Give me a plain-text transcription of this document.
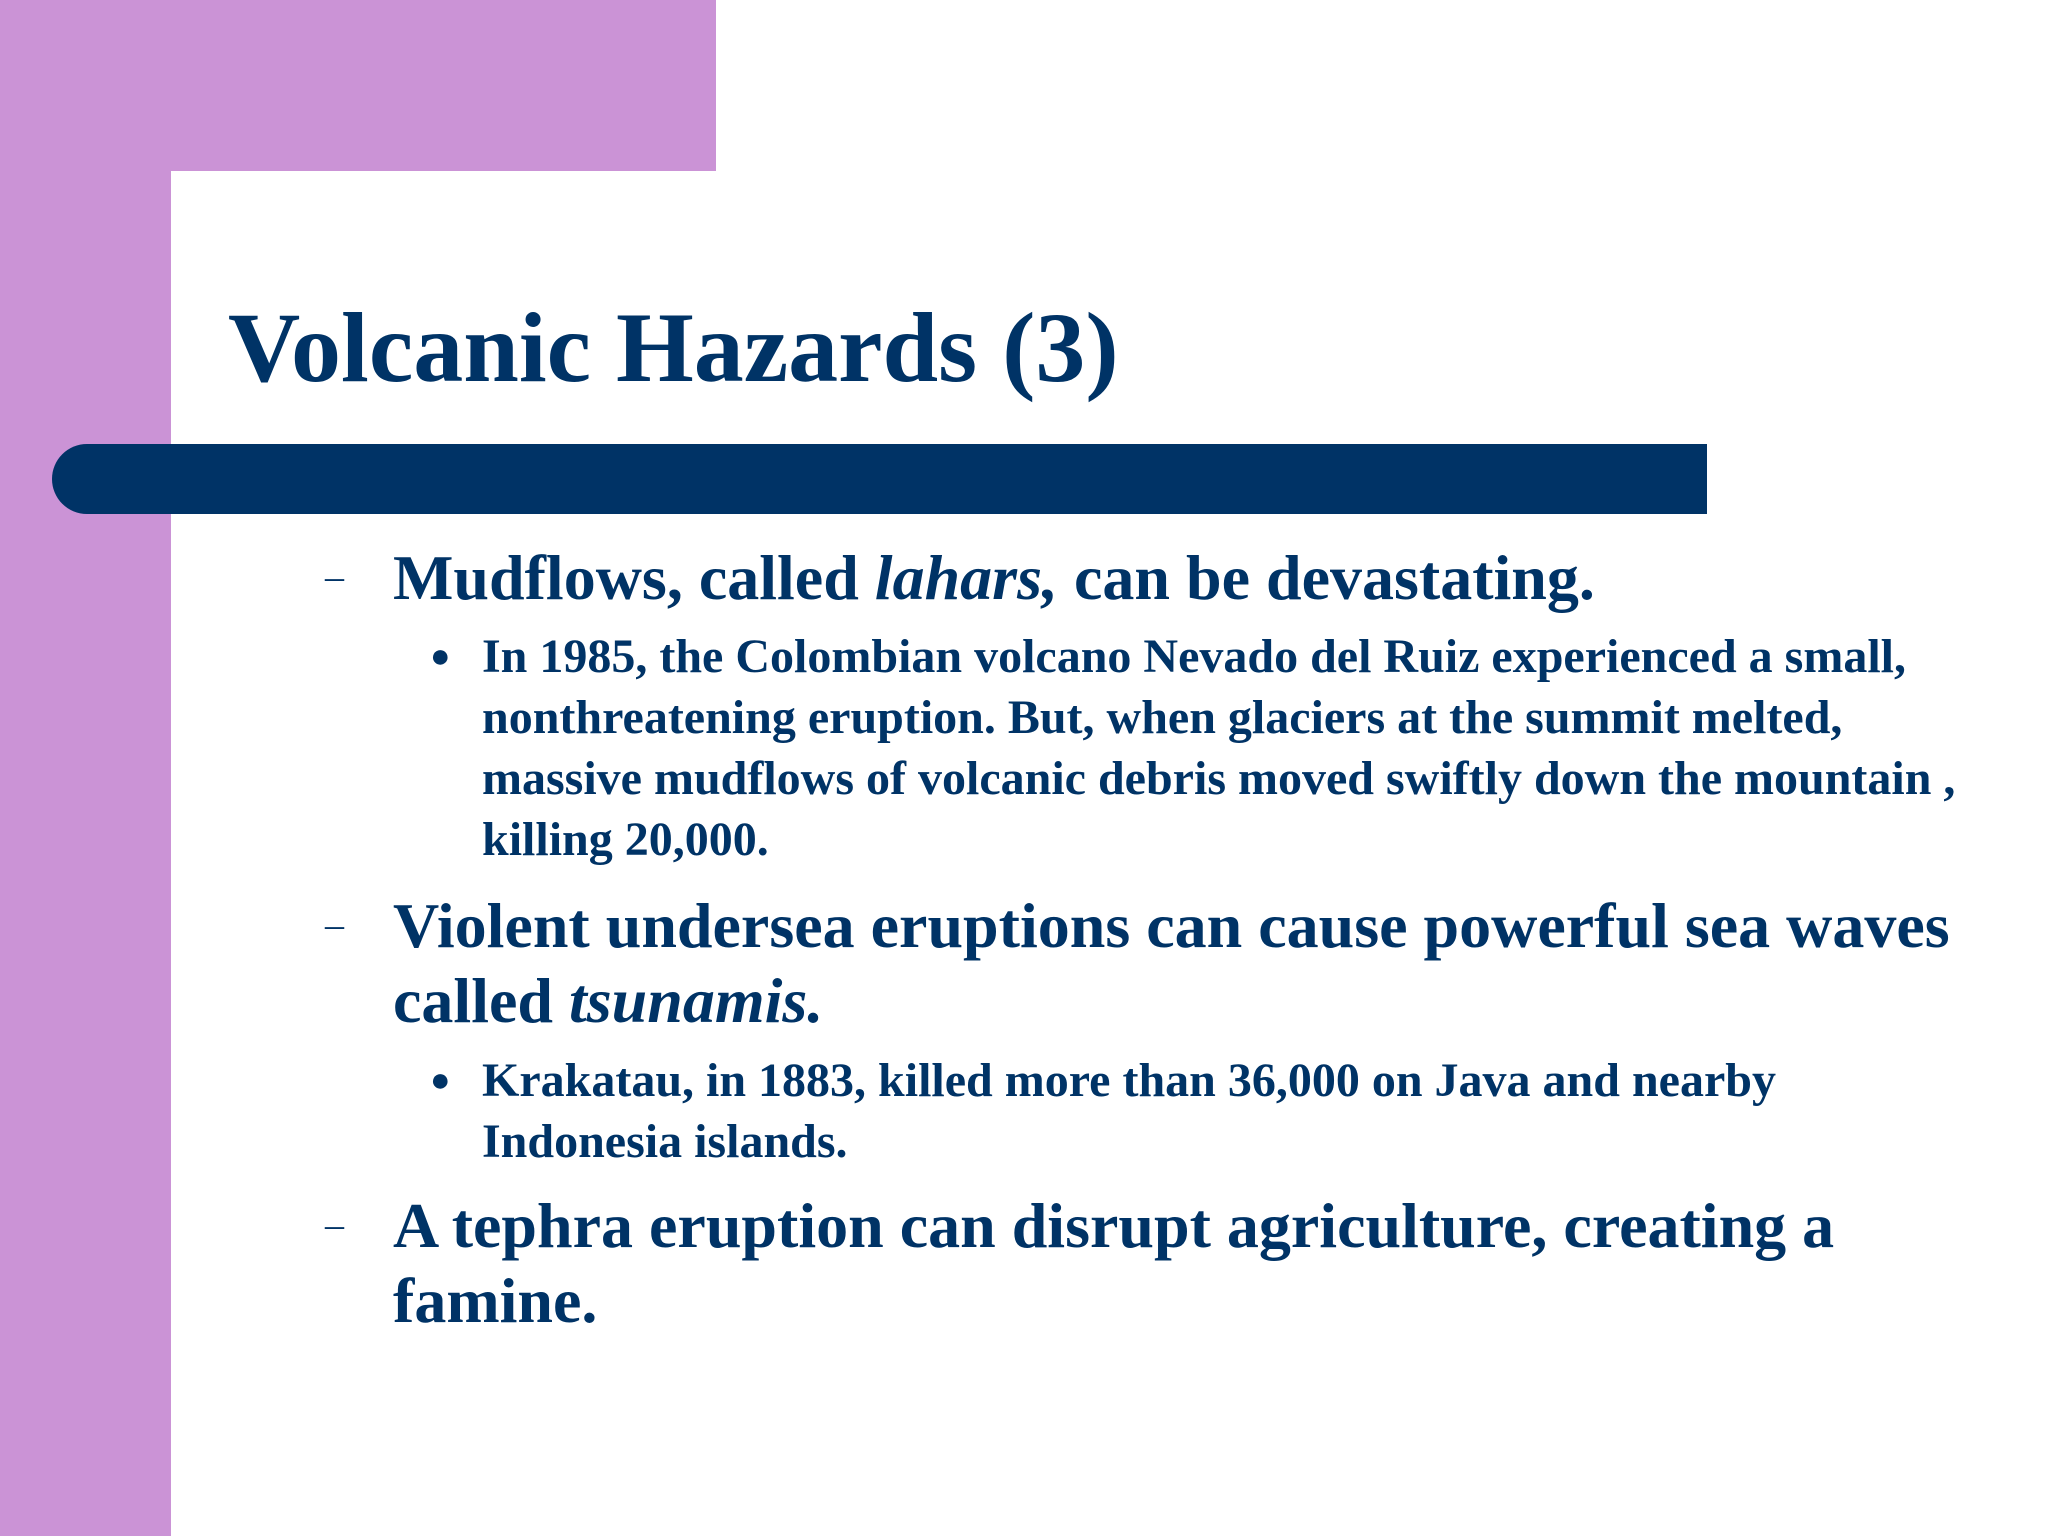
Volcanic Hazards (3)
– Mudflows, called lahars, can be devastating.
● In 1985, the Colombian volcano Nevado del Ruiz experienced a small, nonthreatening eruption. But, when glaciers at the summit melted, massive mudflows of volcanic debris moved swiftly down the mountain , killing 20,000.
– Violent undersea eruptions can cause powerful sea waves called tsunamis.
● Krakatau, in 1883, killed more than 36,000 on Java and nearby Indonesia islands.
– A tephra eruption can disrupt agriculture, creating a famine.
